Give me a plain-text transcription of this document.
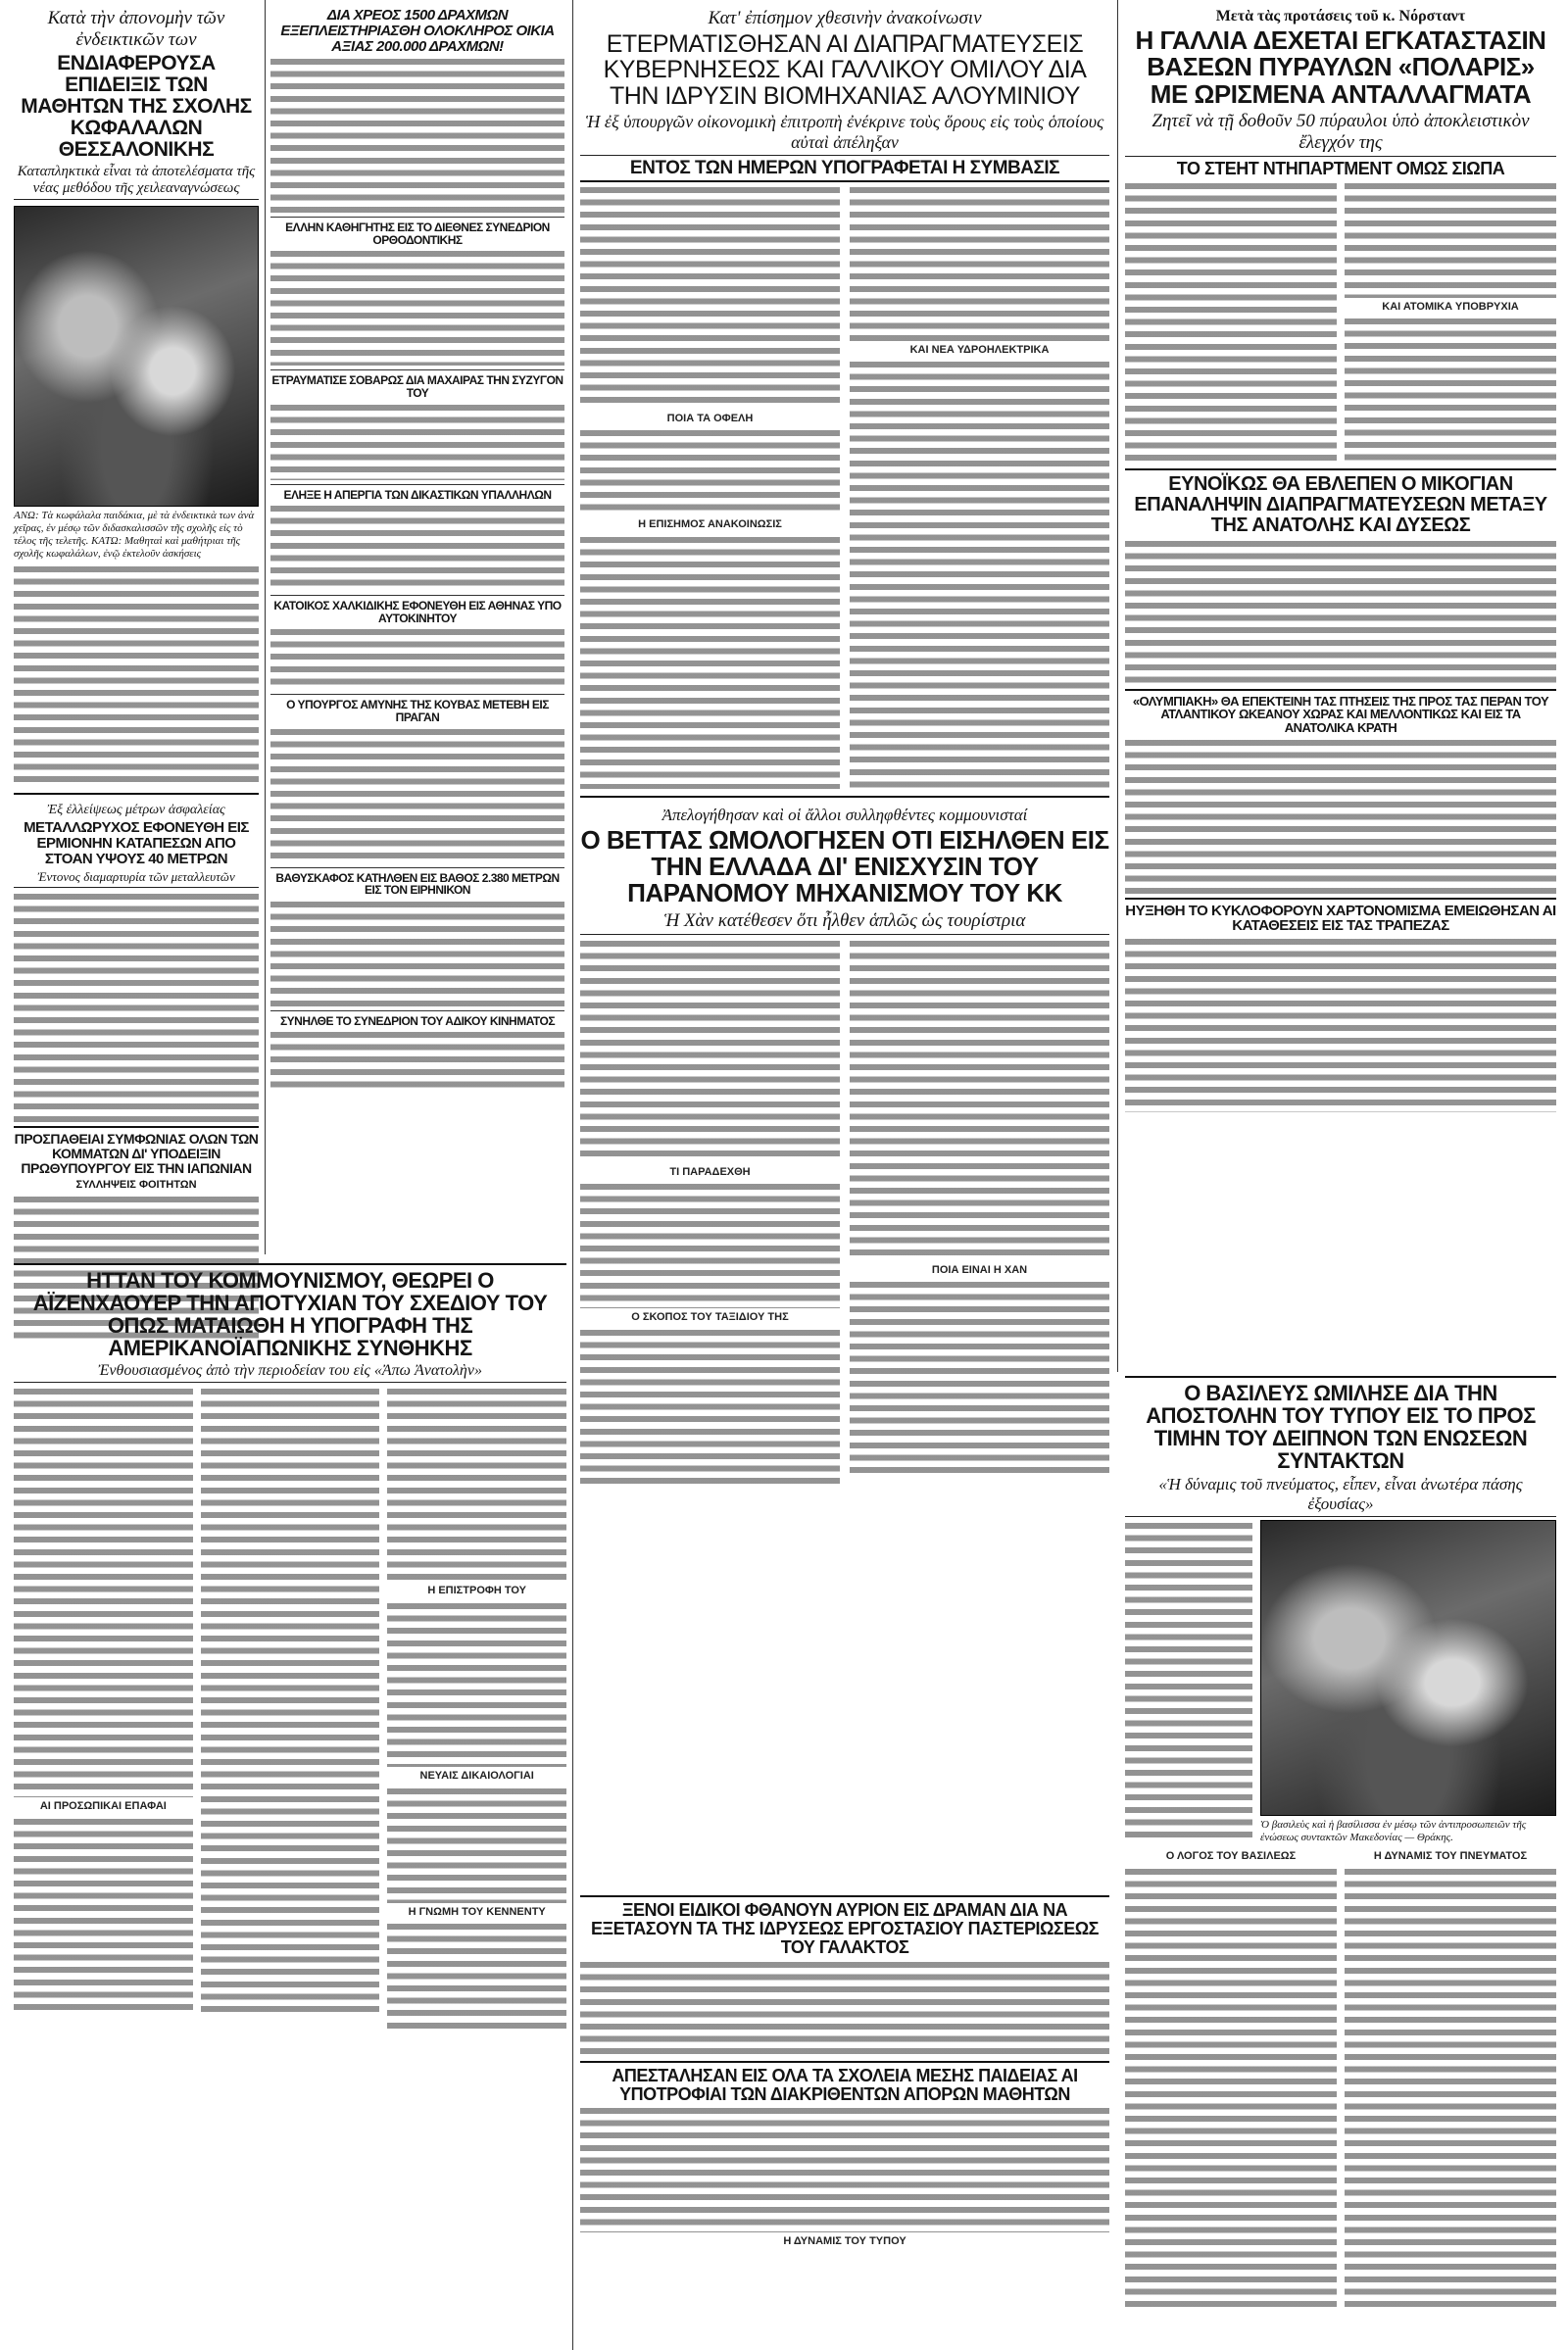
Κατὰ τὴν ἀπονομὴν τῶν ἐνδεικτικῶν των
ΕΝΔΙΑΦΕΡΟΥΣΑ ΕΠΙΔΕΙΞΙΣ ΤΩΝ ΜΑΘΗΤΩΝ ΤΗΣ ΣΧΟΛΗΣ ΚΩΦΑΛΑΛΩΝ ΘΕΣΣΑΛΟΝΙΚΗΣ
Καταπληκτικὰ εἶναι τὰ ἀποτελέσματα τῆς νέας μεθόδου τῆς χειλεαναγνώσεως
ΑΝΩ: Τὰ κωφάλαλα παιδάκια, μὲ τὰ ἐνδεικτικὰ των ἀνὰ χεῖρας, ἐν μέσῳ τῶν διδασκαλισσῶν τῆς σχολῆς εἰς τὸ τέλος τῆς τελετῆς. ΚΑΤΩ: Μαθηταὶ καὶ μαθήτριαι τῆς σχολῆς κωφαλάλων, ἐνῷ ἐκτελοῦν ἀσκήσεις
Ἐξ ἐλλείψεως μέτρων ἀσφαλείας
ΜΕΤΑΛΛΩΡΥΧΟΣ ΕΦΟΝΕΥΘΗ ΕΙΣ ΕΡΜΙΟΝΗΝ ΚΑΤΑΠΕΣΩΝ ΑΠΟ ΣΤΟΑΝ ΥΨΟΥΣ 40 ΜΕΤΡΩΝ
Ἐντονος διαμαρτυρία τῶν μεταλλευτῶν
ΠΡΟΣΠΑΘΕΙΑΙ ΣΥΜΦΩΝΙΑΣ ΟΛΩΝ ΤΩΝ ΚΟΜΜΑΤΩΝ ΔΙ' ΥΠΟΔΕΙΞΙΝ ΠΡΩΘΥΠΟΥΡΓΟΥ ΕΙΣ ΤΗΝ ΙΑΠΩΝΙΑΝ
ΣΥΛΛΗΨΕΙΣ ΦΟΙΤΗΤΩΝ
ΔΙΑ ΧΡΕΟΣ 1500 ΔΡΑΧΜΩΝ ΕΞΕΠΛΕΙΣΤΗΡΙΑΣΘΗ ΟΛΟΚΛΗΡΟΣ ΟΙΚΙΑ ΑΞΙΑΣ 200.000 ΔΡΑΧΜΩΝ!
ΕΛΛΗΝ ΚΑΘΗΓΗΤΗΣ ΕΙΣ ΤΟ ΔΙΕΘΝΕΣ ΣΥΝΕΔΡΙΟΝ ΟΡΘΟΔΟΝΤΙΚΗΣ
ΕΤΡΑΥΜΑΤΙΣΕ ΣΟΒΑΡΩΣ ΔΙΑ ΜΑΧΑΙΡΑΣ ΤΗΝ ΣΥΖΥΓΟΝ ΤΟΥ
ΕΛΗΞΕ Η ΑΠΕΡΓΙΑ ΤΩΝ ΔΙΚΑΣΤΙΚΩΝ ΥΠΑΛΛΗΛΩΝ
ΚΑΤΟΙΚΟΣ ΧΑΛΚΙΔΙΚΗΣ ΕΦΟΝΕΥΘΗ ΕΙΣ ΑΘΗΝΑΣ ΥΠΟ ΑΥΤΟΚΙΝΗΤΟΥ
Ο ΥΠΟΥΡΓΟΣ ΑΜΥΝΗΣ ΤΗΣ ΚΟΥΒΑΣ ΜΕΤΕΒΗ ΕΙΣ ΠΡΑΓΑΝ
ΒΑΘΥΣΚΑΦΟΣ ΚΑΤΗΛΘΕΝ ΕΙΣ ΒΑΘΟΣ 2.380 ΜΕΤΡΩΝ ΕΙΣ ΤΟΝ ΕΙΡΗΝΙΚΟΝ
ΣΥΝΗΛΘΕ ΤΟ ΣΥΝΕΔΡΙΟΝ ΤΟΥ ΑΔΙΚΟΥ ΚΙΝΗΜΑΤΟΣ
Κατ' ἐπίσημον χθεσινὴν ἀνακοίνωσιν
ΕΤΕΡΜΑΤΙΣΘΗΣΑΝ ΑΙ ΔΙΑΠΡΑΓΜΑΤΕΥΣΕΙΣ ΚΥΒΕΡΝΗΣΕΩΣ ΚΑΙ ΓΑΛΛΙΚΟΥ ΟΜΙΛΟΥ ΔΙΑ ΤΗΝ ΙΔΡΥΣΙΝ ΒΙΟΜΗΧΑΝΙΑΣ ΑΛΟΥΜΙΝΙΟΥ
Ἡ ἐξ ὑπουργῶν οἰκονομικὴ ἐπιτροπὴ ἐνέκρινε τοὺς ὅρους εἰς τοὺς ὁποίους αὐταὶ ἀπέληξαν
ΕΝΤΟΣ ΤΩΝ ΗΜΕΡΩΝ ΥΠΟΓΡΑΦΕΤΑΙ Η ΣΥΜΒΑΣΙΣ
ΠΟΙΑ ΤΑ ΟΦΕΛΗ
Η ΕΠΙΣΗΜΟΣ ΑΝΑΚΟΙΝΩΣΙΣ
ΚΑΙ ΝΕΑ ΥΔΡΟΗΛΕΚΤΡΙΚΑ
Ἀπελογήθησαν καὶ οἱ ἄλλοι συλληφθέντες κομμουνισταί
Ο ΒΕΤΤΑΣ ΩΜΟΛΟΓΗΣΕΝ ΟΤΙ ΕΙΣΗΛΘΕΝ ΕΙΣ ΤΗΝ ΕΛΛΑΔΑ ΔΙ' ΕΝΙΣΧΥΣΙΝ ΤΟΥ ΠΑΡΑΝΟΜΟΥ ΜΗΧΑΝΙΣΜΟΥ ΤΟΥ ΚΚ
Ἡ Χὰν κατέθεσεν ὅτι ἦλθεν ἁπλῶς ὡς τουρίστρια
ΤΙ ΠΑΡΑΔΕΧΘΗ
Ο ΣΚΟΠΟΣ ΤΟΥ ΤΑΞΙΔΙΟΥ ΤΗΣ
ΠΟΙΑ ΕΙΝΑΙ Η ΧΑΝ
Μετὰ τὰς προτάσεις τοῦ κ. Νόρσταντ
Η ΓΑΛΛΙΑ ΔΕΧΕΤΑΙ ΕΓΚΑΤΑΣΤΑΣΙΝ ΒΑΣΕΩΝ ΠΥΡΑΥΛΩΝ «ΠΟΛΑΡΙΣ» ΜΕ ΩΡΙΣΜΕΝΑ ΑΝΤΑΛΛΑΓΜΑΤΑ
Ζητεῖ νὰ τῇ δοθοῦν 50 πύραυλοι ὑπὸ ἀποκλειστικὸν ἔλεγχόν της
ΤΟ ΣΤΕΗΤ ΝΤΗΠΑΡΤΜΕΝΤ ΟΜΩΣ ΣΙΩΠΑ
ΚΑΙ ΑΤΟΜΙΚΑ ΥΠΟΒΡΥΧΙΑ
ΕΥΝΟΪΚΩΣ ΘΑ ΕΒΛΕΠΕΝ Ο ΜΙΚΟΓΙΑΝ ΕΠΑΝΑΛΗΨΙΝ ΔΙΑΠΡΑΓΜΑΤΕΥΣΕΩΝ ΜΕΤΑΞΥ ΤΗΣ ΑΝΑΤΟΛΗΣ ΚΑΙ ΔΥΣΕΩΣ
«ΟΛΥΜΠΙΑΚΗ» ΘΑ ΕΠΕΚΤΕΙΝΗ ΤΑΣ ΠΤΗΣΕΙΣ ΤΗΣ ΠΡΟΣ ΤΑΣ ΠΕΡΑΝ ΤΟΥ ΑΤΛΑΝΤΙΚΟΥ ΩΚΕΑΝΟΥ ΧΩΡΑΣ ΚΑΙ ΜΕΛΛΟΝΤΙΚΩΣ ΚΑΙ ΕΙΣ ΤΑ ΑΝΑΤΟΛΙΚΑ ΚΡΑΤΗ
ΗΥΞΗΘΗ ΤΟ ΚΥΚΛΟΦΟΡΟΥΝ ΧΑΡΤΟΝΟΜΙΣΜΑ ΕΜΕΙΩΘΗΣΑΝ ΑΙ ΚΑΤΑΘΕΣΕΙΣ ΕΙΣ ΤΑΣ ΤΡΑΠΕΖΑΣ
Ο ΒΑΣΙΛΕΥΣ ΩΜΙΛΗΣΕ ΔΙΑ ΤΗΝ ΑΠΟΣΤΟΛΗΝ ΤΟΥ ΤΥΠΟΥ ΕΙΣ ΤΟ ΠΡΟΣ ΤΙΜΗΝ ΤΟΥ ΔΕΙΠΝΟΝ ΤΩΝ ΕΝΩΣΕΩΝ ΣΥΝΤΑΚΤΩΝ
«Ἡ δύναμις τοῦ πνεύματος, εἶπεν, εἶναι ἀνωτέρα πάσης ἐξουσίας»
Ὁ βασιλεὺς καὶ ἡ βασίλισσα ἐν μέσῳ τῶν ἀντιπροσωπειῶν τῆς ἐνώσεως συντακτῶν Μακεδονίας — Θράκης.
Ο ΛΟΓΟΣ ΤΟΥ ΒΑΣΙΛΕΩΣ	Η ΔΥΝΑΜΙΣ ΤΟΥ ΠΝΕΥΜΑΤΟΣ
ΗΤΤΑΝ ΤΟΥ ΚΟΜΜΟΥΝΙΣΜΟΥ, ΘΕΩΡΕΙ Ο ΑΪΖΕΝΧΑΟΥΕΡ ΤΗΝ ΑΠΟΤΥΧΙΑΝ ΤΟΥ ΣΧΕΔΙΟΥ ΤΟΥ ΟΠΩΣ ΜΑΤΑΙΩΘΗ Η ΥΠΟΓΡΑΦΗ ΤΗΣ ΑΜΕΡΙΚΑΝΟΪΑΠΩΝΙΚΗΣ ΣΥΝΘΗΚΗΣ
Ἐνθουσιασμένος ἀπὸ τὴν περιοδείαν του εἰς «Ἀπω Ἀνατολὴν»
ΑΙ ΠΡΟΣΩΠΙΚΑΙ ΕΠΑΦΑΙ
Η ΕΠΙΣΤΡΟΦΗ ΤΟΥ
ΝΕΥΑΙΣ ΔΙΚΑΙΟΛΟΓΙΑΙ
Η ΓΝΩΜΗ ΤΟΥ ΚΕΝΝΕΝΤΥ	ΞΕΝΟΙ ΕΙΔΙΚΟΙ ΦΘΑΝΟΥΝ ΑΥΡΙΟΝ ΕΙΣ ΔΡΑΜΑΝ ΔΙΑ ΝΑ ΕΞΕΤΑΣΟΥΝ ΤΑ ΤΗΣ ΙΔΡΥΣΕΩΣ ΕΡΓΟΣΤΑΣΙΟΥ ΠΑΣΤΕΡΙΩΣΕΩΣ ΤΟΥ ΓΑΛΑΚΤΟΣ
ΑΠΕΣΤΑΛΗΣΑΝ ΕΙΣ ΟΛΑ ΤΑ ΣΧΟΛΕΙΑ ΜΕΣΗΣ ΠΑΙΔΕΙΑΣ ΑΙ ΥΠΟΤΡΟΦΙΑΙ ΤΩΝ ΔΙΑΚΡΙΘΕΝΤΩΝ ΑΠΟΡΩΝ ΜΑΘΗΤΩΝ
Η ΔΥΝΑΜΙΣ ΤΟΥ ΤΥΠΟΥ
